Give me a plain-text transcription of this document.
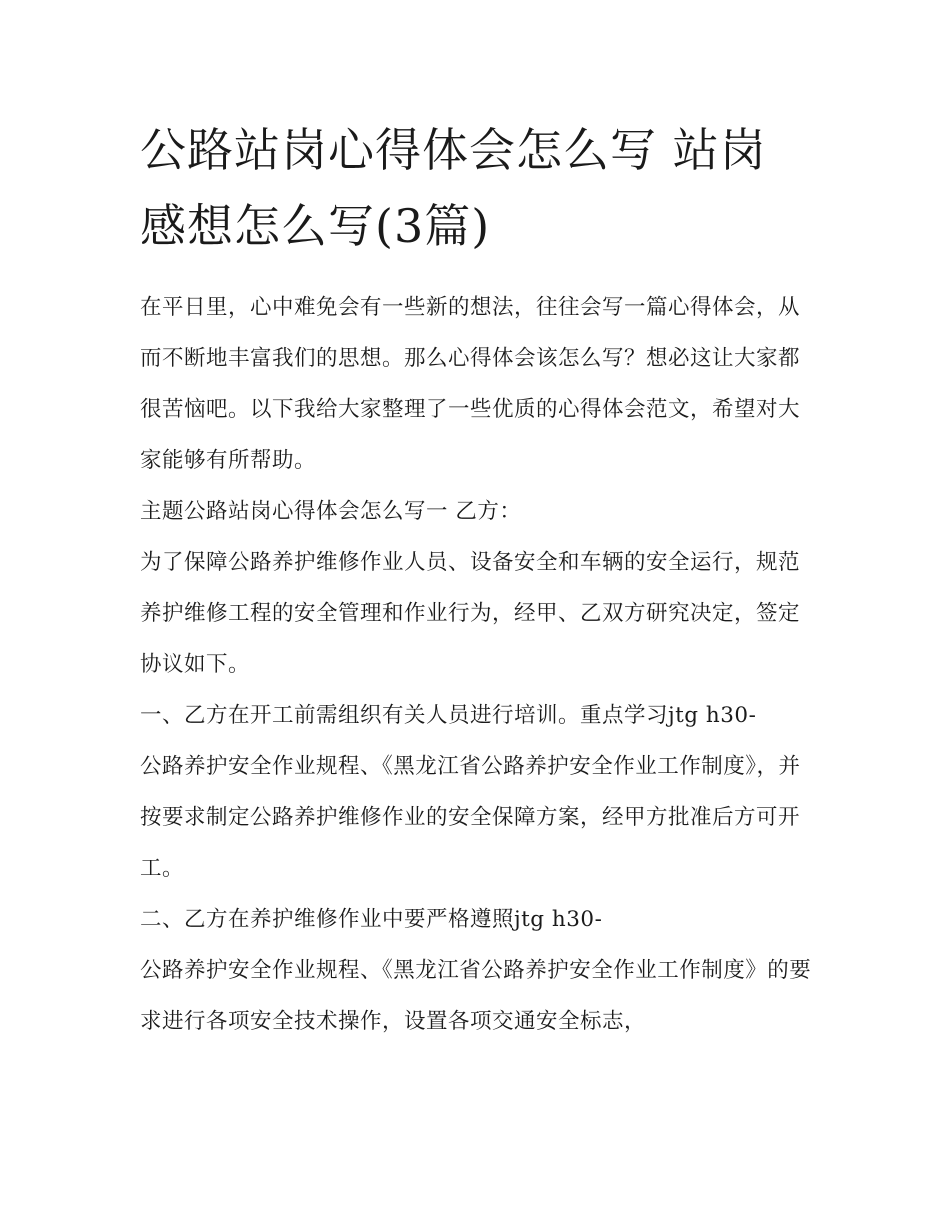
公路站岗心得体会怎么写 站岗感想怎么写(3篇)

在平日里，心中难免会有一些新的想法，往往会写一篇心得体会，从而不断地丰富我们的思想。那么心得体会该怎么写？想必这让大家都很苦恼吧。以下我给大家整理了一些优质的心得体会范文，希望对大家能够有所帮助。

主题公路站岗心得体会怎么写一 乙方：

为了保障公路养护维修作业人员、设备安全和车辆的安全运行，规范养护维修工程的安全管理和作业行为，经甲、乙双方研究决定，签定协议如下。

一、乙方在开工前需组织有关人员进行培训。重点学习jtg h30-

公路养护安全作业规程、《黑龙江省公路养护安全作业工作制度》，并按要求制定公路养护维修作业的安全保障方案，经甲方批准后方可开工。

二、乙方在养护维修作业中要严格遵照jtg h30-

公路养护安全作业规程、《黑龙江省公路养护安全作业工作制度》的要求进行各项安全技术操作，设置各项交通安全标志，
